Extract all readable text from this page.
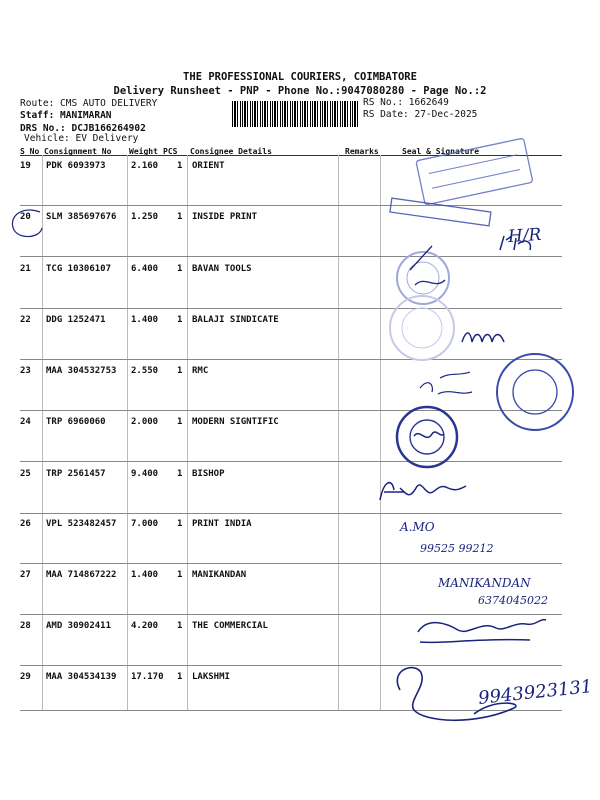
THE PROFESSIONAL COURIERS, COIMBATORE
Delivery Runsheet - PNP - Phone No.:9047080280 - Page No.:2
Route: CMS AUTO DELIVERY
Staff: MANIMARAN
DRS No.: DCJB166264902
Vehicle: EV Delivery
RS No.: 1662649
RS Date: 27-Dec-2025
S No Consignment No Weight PCS Consignee Details	Remarks	Seal & Signature
19 PDK 6093973	2.160 1 ORIENT
20 SLM 385697676 1.250 1 INSIDE PRINT
21 TCG 10306107 6.400 1 BAVAN TOOLS
22 DDG 1252471	1.400 1 BALAJI SINDICATE
23 MAA 304532753 2.550 1 RMC
24 TRP 6960060	2.000 1 MODERN SIGNTIFIC
25 TRP 2561457	9.400 1 BISHOP
26 VPL 523482457 7.000 1 PRINT INDIA
27 MAA 714867222 1.400 1 MANIKANDAN
28 AMD 30902411 4.200 1 THE COMMERCIAL
29 MAA 304534139 17.170 1 LAKSHMI
H/R
A.MO
99525 99212
MANIKANDAN
6374045022
9943923131
